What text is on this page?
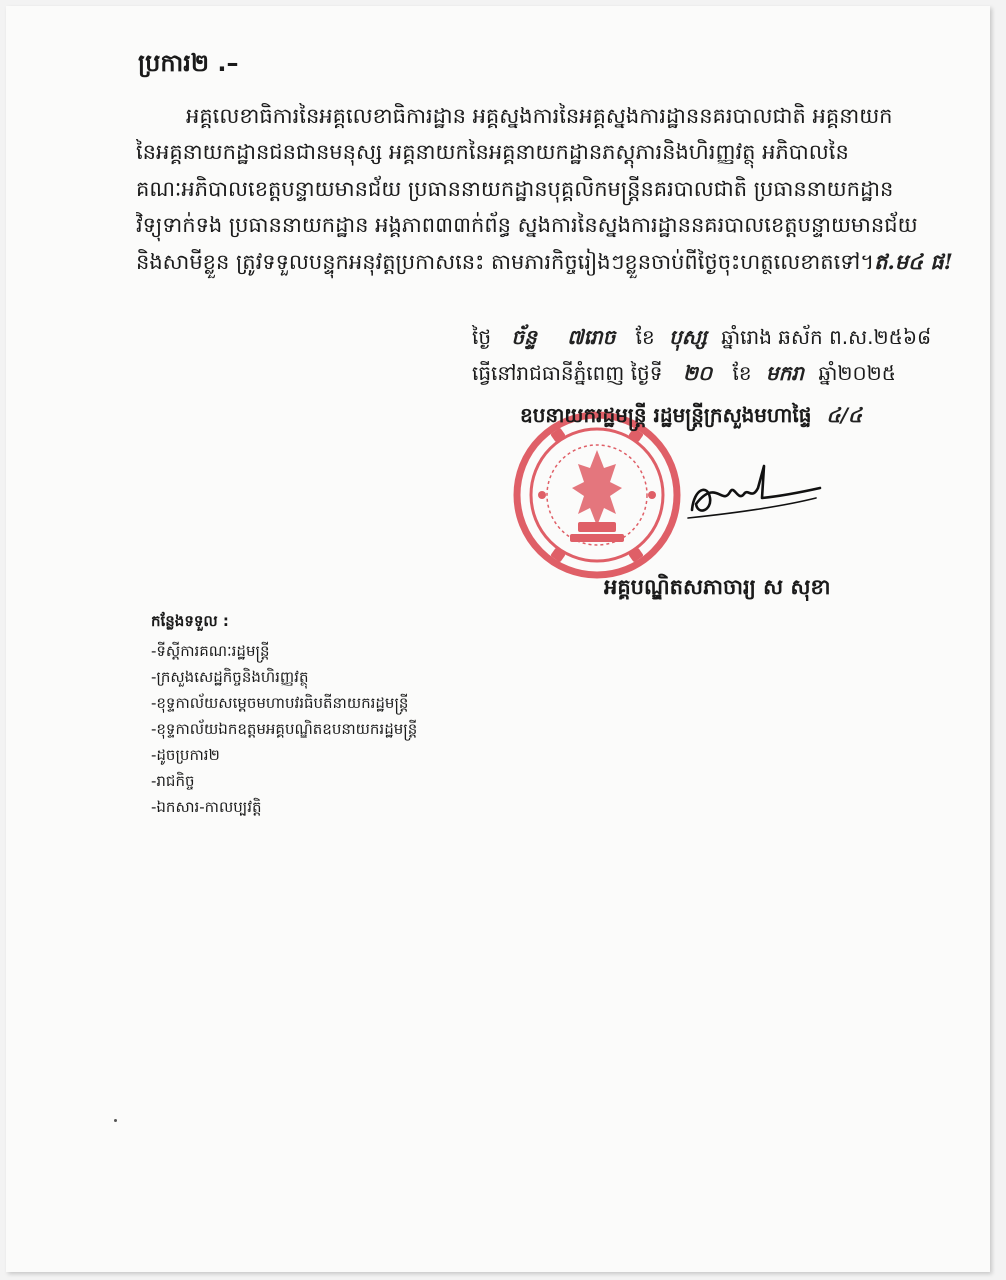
ប្រការ២ .–
អគ្គលេខាធិការនៃអគ្គលេខាធិការដ្ឋាន អគ្គស្នងការនៃអគ្គស្នងការដ្ឋាននគរបាលជាតិ អគ្គនាយក
នៃអគ្គនាយកដ្ឋានជនជានមនុស្ស អគ្គនាយកនៃអគ្គនាយកដ្ឋានភស្តុភារនិងហិរញ្ញវត្ថុ អភិបាលនៃ
គណៈអភិបាលខេត្តបន្ទាយមានជ័យ ប្រធាននាយកដ្ឋានបុគ្គលិកមន្ត្រីនគរបាលជាតិ ប្រធាននាយកដ្ឋាន
វិទ្យុទាក់ទង ប្រធាននាយកដ្ឋាន អង្គភាព៣៣ក់ព័ន្ធ ស្នងការនៃស្នងការដ្ឋាននគរបាលខេត្តបន្ទាយមានជ័យ
និងសាមីខ្លួន ត្រូវទទួលបន្ទុកអនុវត្តប្រកាសនេះ តាមភារកិច្ចរៀងៗខ្លួនចាប់ពីថ្ងៃចុះហត្ថលេខាតទៅ។ឥ.ម៤ ផ!
ថ្ងៃ ច័ន្ទ ៧រោច ខែ បុស្ស ឆ្នាំរោង ឆស័ក ព.ស.២៥៦៨
ធ្វើនៅរាជធានីភ្នំពេញ ថ្ងៃទី ២០ ខែ មករា ឆ្នាំ២០២៥
ឧបនាយករដ្ឋមន្ត្រី រដ្ឋមន្ត្រីក្រសួងមហាផ្ទៃ ៤/៤
អគ្គបណ្ឌិតសភាចារ្យ ស សុខា
កន្លែងទទួល :
-ទីស្តីការគណៈរដ្ឋមន្ត្រី
-ក្រសួងសេដ្ឋកិច្ចនិងហិរញ្ញវត្ថុ
-ខុទ្ទកាល័យសម្តេចមហាបវរធិបតីនាយករដ្ឋមន្ត្រី
-ខុទ្ទកាល័យឯកឧត្តមអគ្គបណ្ឌិតឧបនាយករដ្ឋមន្ត្រី
-ដូចប្រការ២
-រាជកិច្ច
-ឯកសារ-កាលប្បវត្តិ
